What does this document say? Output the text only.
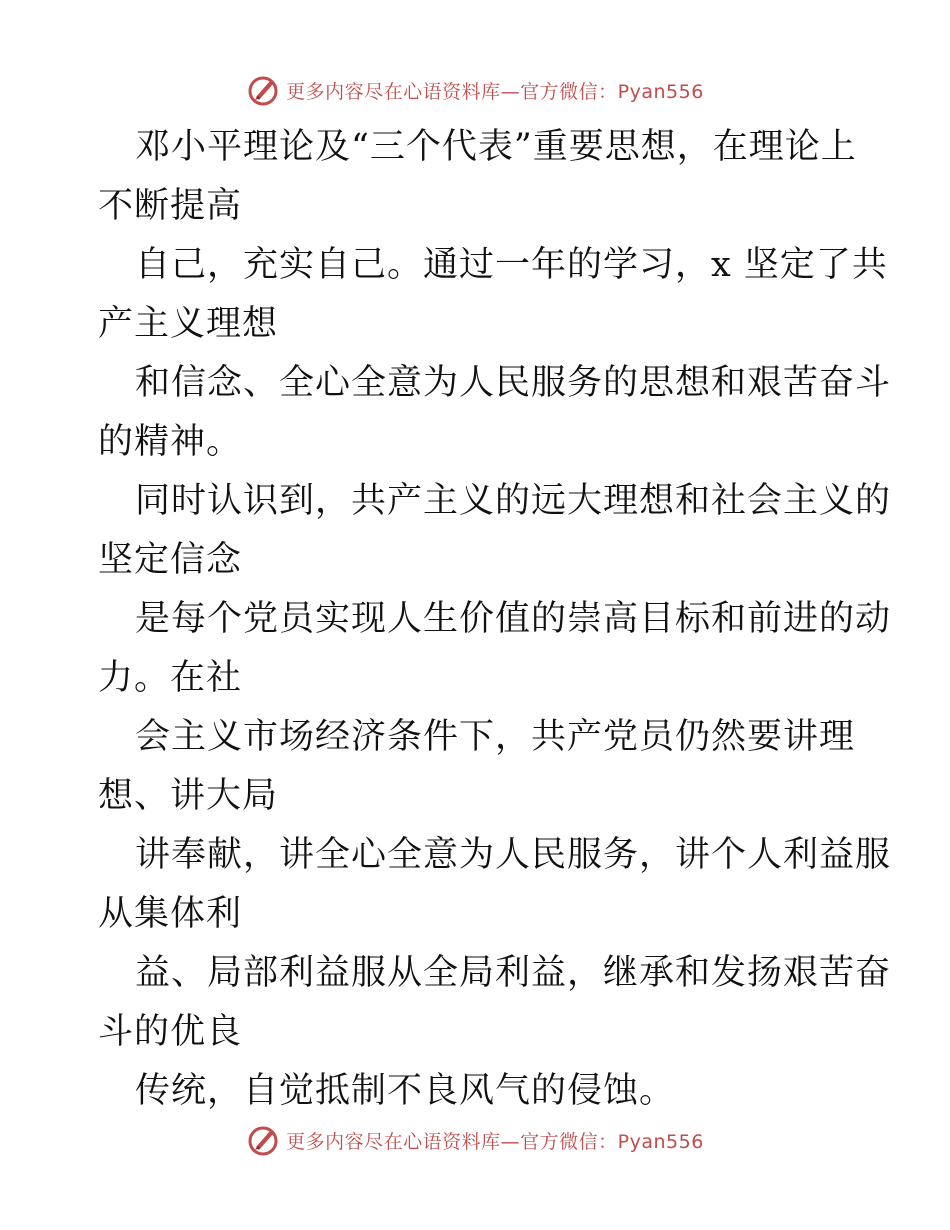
更多内容尽在心语资料库—官方微信：Pyan556
邓小平理论及“三个代表”重要思想，在理论上
不断提高
自己，充实自己。通过一年的学习，x 坚定了共
产主义理想
和信念、全心全意为人民服务的思想和艰苦奋斗
的精神。
同时认识到，共产主义的远大理想和社会主义的
坚定信念
是每个党员实现人生价值的崇高目标和前进的动
力。在社
会主义市场经济条件下，共产党员仍然要讲理
想、讲大局
讲奉献，讲全心全意为人民服务，讲个人利益服
从集体利
益、局部利益服从全局利益，继承和发扬艰苦奋
斗的优良
传统，自觉抵制不良风气的侵蚀。
更多内容尽在心语资料库—官方微信：Pyan556
